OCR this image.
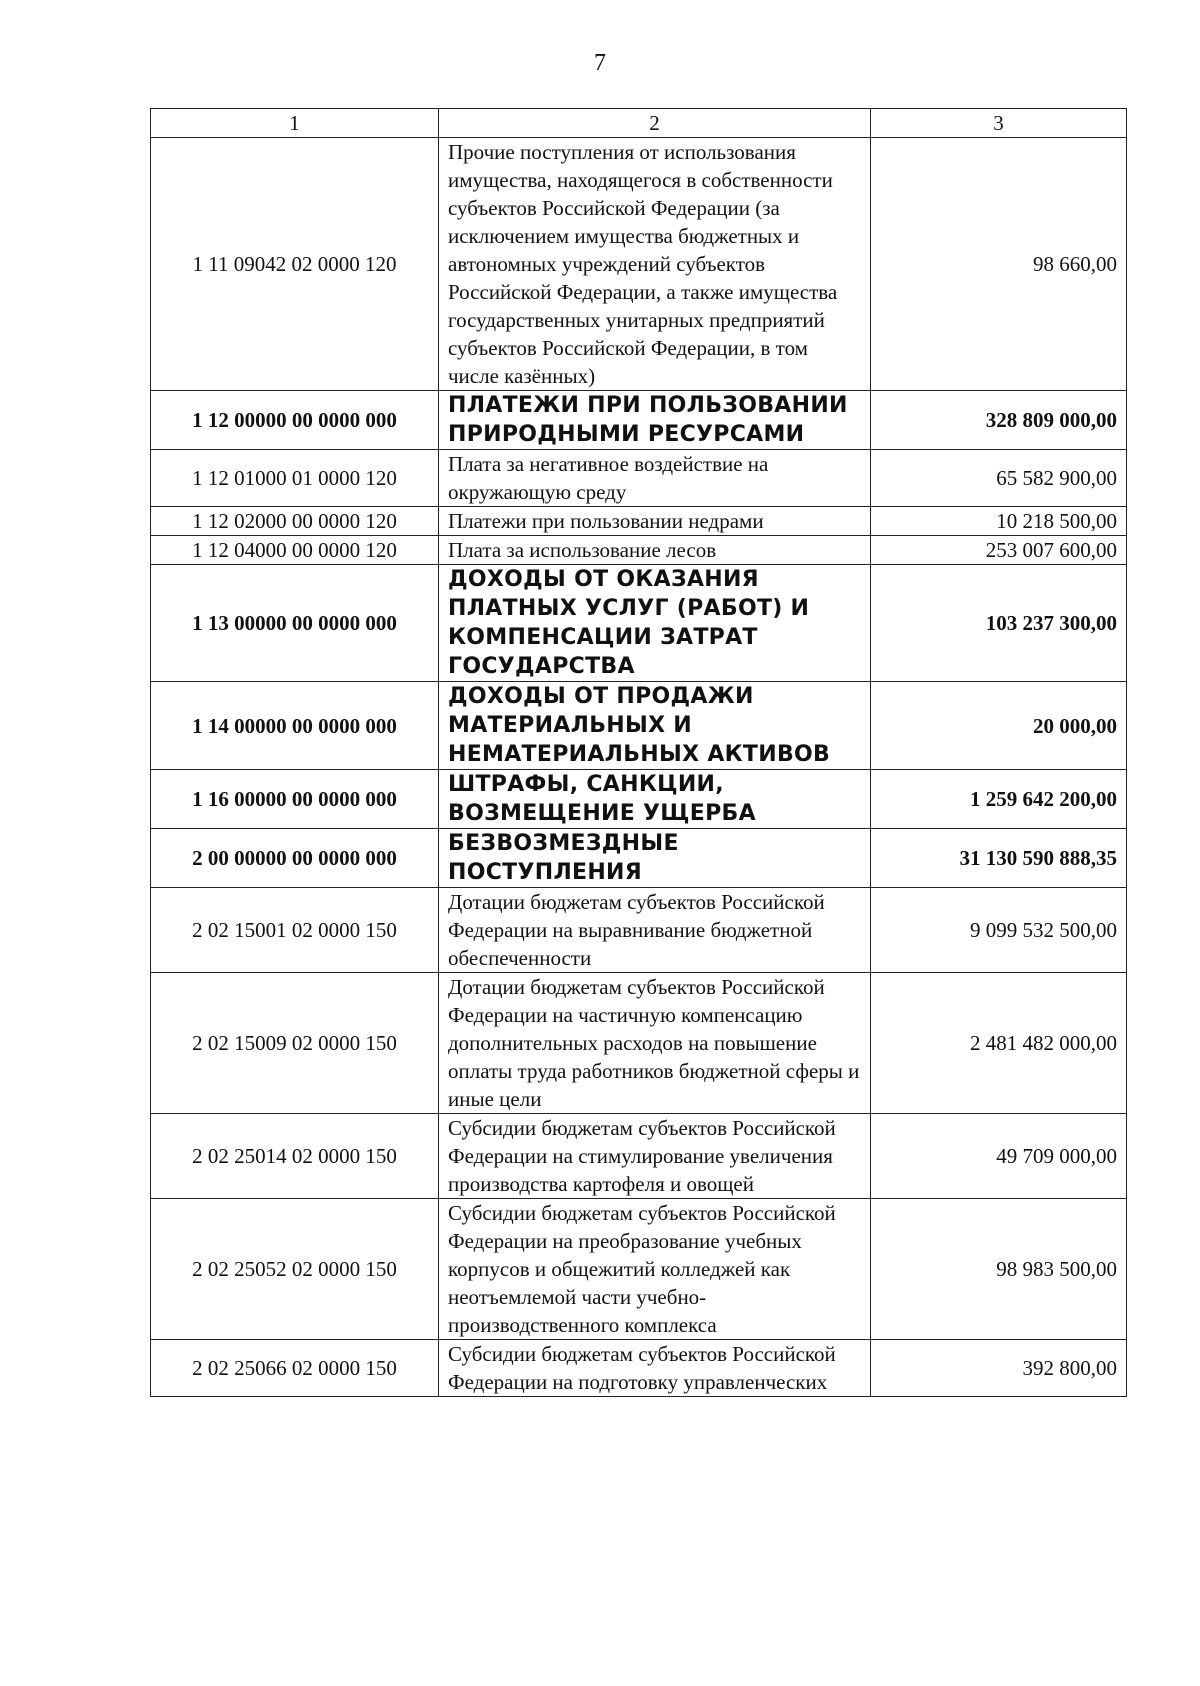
7
1	2	3
1 11 09042 02 0000 120	Прочие поступления от использования имущества, находящегося в собственности субъектов Российской Федерации (за исключением имущества бюджетных и автономных учреждений субъектов Российской Федерации, а также имущества государственных унитарных предприятий субъектов Российской Федерации, в том числе казённых)	98 660,00
1 12 00000 00 0000 000	ПЛАТЕЖИ ПРИ ПОЛЬЗОВАНИИ ПРИРОДНЫМИ РЕСУРСАМИ	328 809 000,00
1 12 01000 01 0000 120	Плата за негативное воздействие на окружающую среду	65 582 900,00
1 12 02000 00 0000 120	Платежи при пользовании недрами	10 218 500,00
1 12 04000 00 0000 120	Плата за использование лесов	253 007 600,00
1 13 00000 00 0000 000	ДОХОДЫ ОТ ОКАЗАНИЯ ПЛАТНЫХ УСЛУГ (РАБОТ) И КОМПЕНСАЦИИ ЗАТРАТ ГОСУДАРСТВА	103 237 300,00
1 14 00000 00 0000 000	ДОХОДЫ ОТ ПРОДАЖИ МАТЕРИАЛЬНЫХ И НЕМАТЕРИАЛЬНЫХ АКТИВОВ	20 000,00
1 16 00000 00 0000 000	ШТРАФЫ, САНКЦИИ, ВОЗМЕЩЕНИЕ УЩЕРБА	1 259 642 200,00
2 00 00000 00 0000 000	БЕЗВОЗМЕЗДНЫЕ ПОСТУПЛЕНИЯ	31 130 590 888,35
2 02 15001 02 0000 150	Дотации бюджетам субъектов Российской Федерации на выравнивание бюджетной обеспеченности	9 099 532 500,00
2 02 15009 02 0000 150	Дотации бюджетам субъектов Российской Федерации на частичную компенсацию дополнительных расходов на повышение оплаты труда работников бюджетной сферы и иные цели	2 481 482 000,00
2 02 25014 02 0000 150	Субсидии бюджетам субъектов Российской Федерации на стимулирование увеличения производства картофеля и овощей	49 709 000,00
2 02 25052 02 0000 150	Субсидии бюджетам субъектов Российской Федерации на преобразование учебных корпусов и общежитий колледжей как неотъемлемой части учебно-производственного комплекса	98 983 500,00
2 02 25066 02 0000 150	Субсидии бюджетам субъектов Российской Федерации на подготовку управленческих	392 800,00
